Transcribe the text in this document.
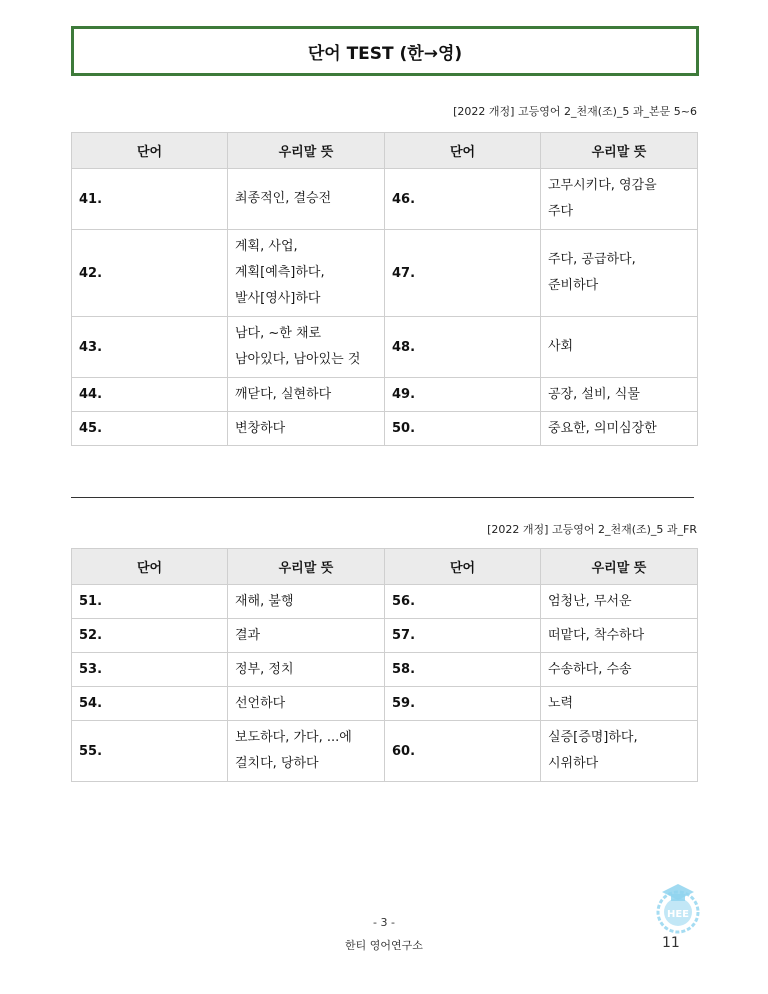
단어 TEST (한→영)
[2022 개정] 고등영어 2_천재(조)_5 과_본문 5~6
단어	우리말 뜻	단어	우리말 뜻
41.	최종적인, 결승전	46.	고무시키다, 영감을
주다
42.	계획, 사업,
계획[예측]하다,
발사[영사]하다	47.	주다, 공급하다,
준비하다
43.	남다, ~한 채로
남아있다, 남아있는 것	48.	사회
44.	깨닫다, 실현하다	49.	공장, 설비, 식물
45.	변창하다	50.	중요한, 의미심장한
[2022 개정] 고등영어 2_천재(조)_5 과_FR
단어	우리말 뜻	단어	우리말 뜻
51.	재해, 불행	56.	엄청난, 무서운
52.	결과	57.	떠맡다, 착수하다
53.	정부, 정치	58.	수송하다, 수송
54.	선언하다	59.	노력
55.	보도하다, 가다, ...에
걸치다, 당하다	60.	실증[증명]하다,
시위하다
- 3 -
한티 영어연구소	11
HEE
